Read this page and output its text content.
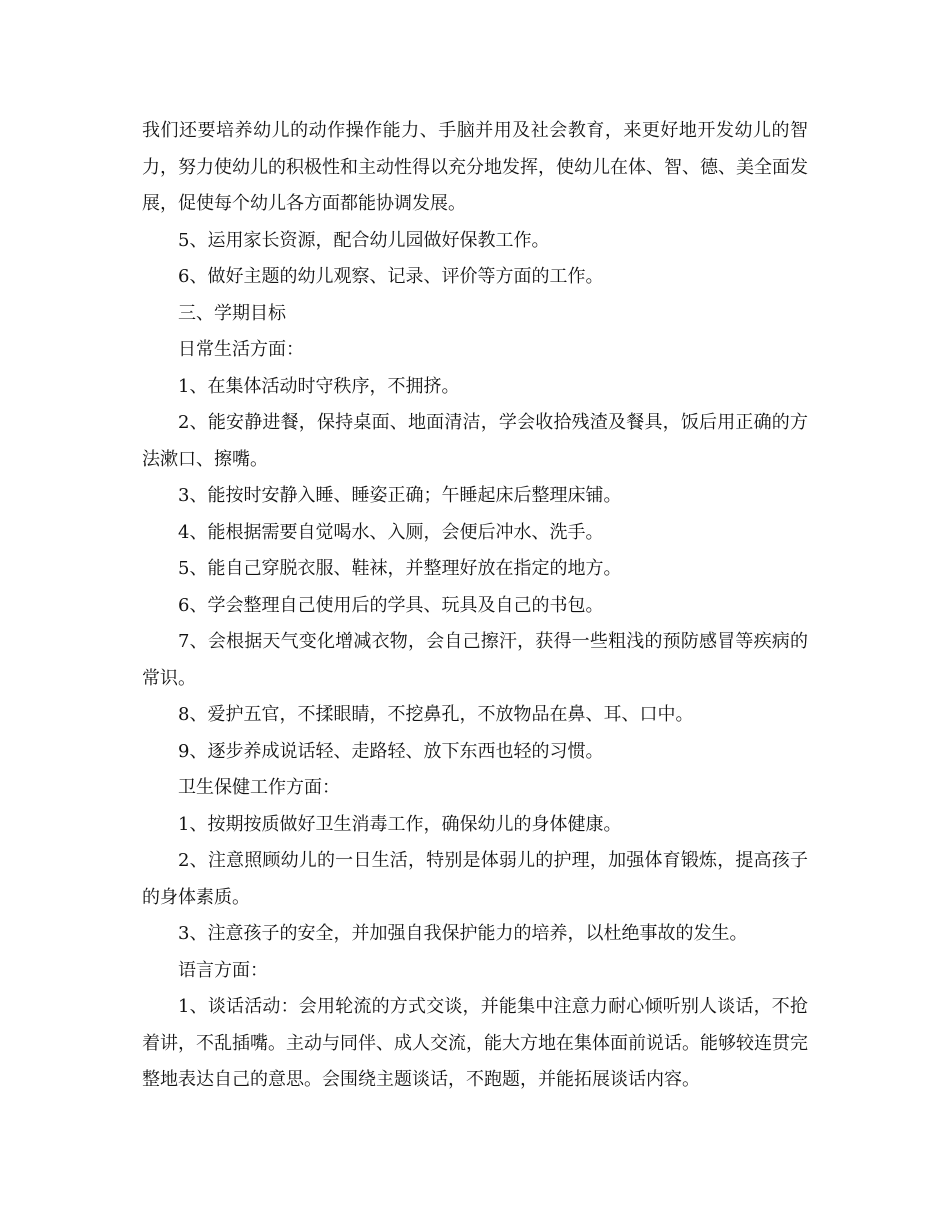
我们还要培养幼儿的动作操作能力、手脑并用及社会教育，来更好地开发幼儿的智力，努力使幼儿的积极性和主动性得以充分地发挥，使幼儿在体、智、德、美全面发展，促使每个幼儿各方面都能协调发展。

5、运用家长资源，配合幼儿园做好保教工作。

6、做好主题的幼儿观察、记录、评价等方面的工作。

三、学期目标

日常生活方面：

1、在集体活动时守秩序，不拥挤。

2、能安静进餐，保持桌面、地面清洁，学会收拾残渣及餐具，饭后用正确的方法漱口、擦嘴。

3、能按时安静入睡、睡姿正确；午睡起床后整理床铺。

4、能根据需要自觉喝水、入厕，会便后冲水、洗手。

5、能自己穿脱衣服、鞋袜，并整理好放在指定的地方。

6、学会整理自己使用后的学具、玩具及自己的书包。

7、会根据天气变化增减衣物，会自己擦汗，获得一些粗浅的预防感冒等疾病的常识。

8、爱护五官，不揉眼睛，不挖鼻孔，不放物品在鼻、耳、口中。

9、逐步养成说话轻、走路轻、放下东西也轻的习惯。

卫生保健工作方面：

1、按期按质做好卫生消毒工作，确保幼儿的身体健康。

2、注意照顾幼儿的一日生活，特别是体弱儿的护理，加强体育锻炼，提高孩子的身体素质。

3、注意孩子的安全，并加强自我保护能力的培养，以杜绝事故的发生。

语言方面：

1、谈话活动：会用轮流的方式交谈，并能集中注意力耐心倾听别人谈话，不抢着讲，不乱插嘴。主动与同伴、成人交流，能大方地在集体面前说话。能够较连贯完整地表达自己的意思。会围绕主题谈话，不跑题，并能拓展谈话内容。
